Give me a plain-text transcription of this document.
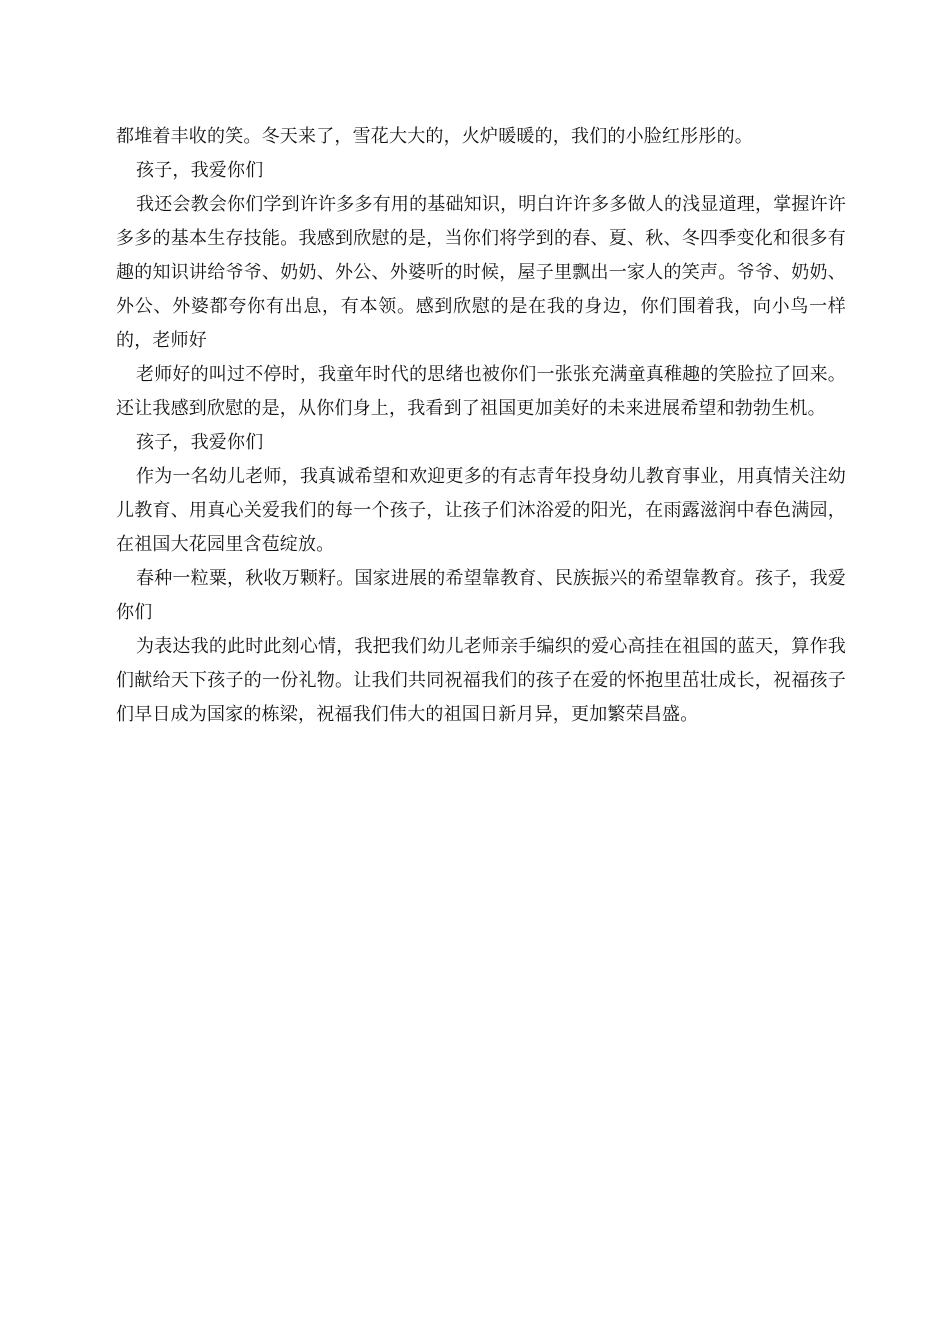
都堆着丰收的笑。冬天来了，雪花大大的，火炉暖暖的，我们的小脸红彤彤的。

孩子，我爱你们

我还会教会你们学到许许多多有用的基础知识，明白许许多多做人的浅显道理，掌握许许多多的基本生存技能。我感到欣慰的是，当你们将学到的春、夏、秋、冬四季变化和很多有趣的知识讲给爷爷、奶奶、外公、外婆听的时候，屋子里飘出一家人的笑声。爷爷、奶奶、外公、外婆都夸你有出息，有本领。感到欣慰的是在我的身边，你们围着我，向小鸟一样的，老师好

老师好的叫过不停时，我童年时代的思绪也被你们一张张充满童真稚趣的笑脸拉了回来。还让我感到欣慰的是，从你们身上，我看到了祖国更加美好的未来进展希望和勃勃生机。

孩子，我爱你们

作为一名幼儿老师，我真诚希望和欢迎更多的有志青年投身幼儿教育事业，用真情关注幼儿教育、用真心关爱我们的每一个孩子，让孩子们沐浴爱的阳光，在雨露滋润中春色满园，在祖国大花园里含苞绽放。

春种一粒粟，秋收万颗籽。国家进展的希望靠教育、民族振兴的希望靠教育。孩子，我爱你们

为表达我的此时此刻心情，我把我们幼儿老师亲手编织的爱心高挂在祖国的蓝天，算作我们献给天下孩子的一份礼物。让我们共同祝福我们的孩子在爱的怀抱里茁壮成长，祝福孩子们早日成为国家的栋梁，祝福我们伟大的祖国日新月异，更加繁荣昌盛。
